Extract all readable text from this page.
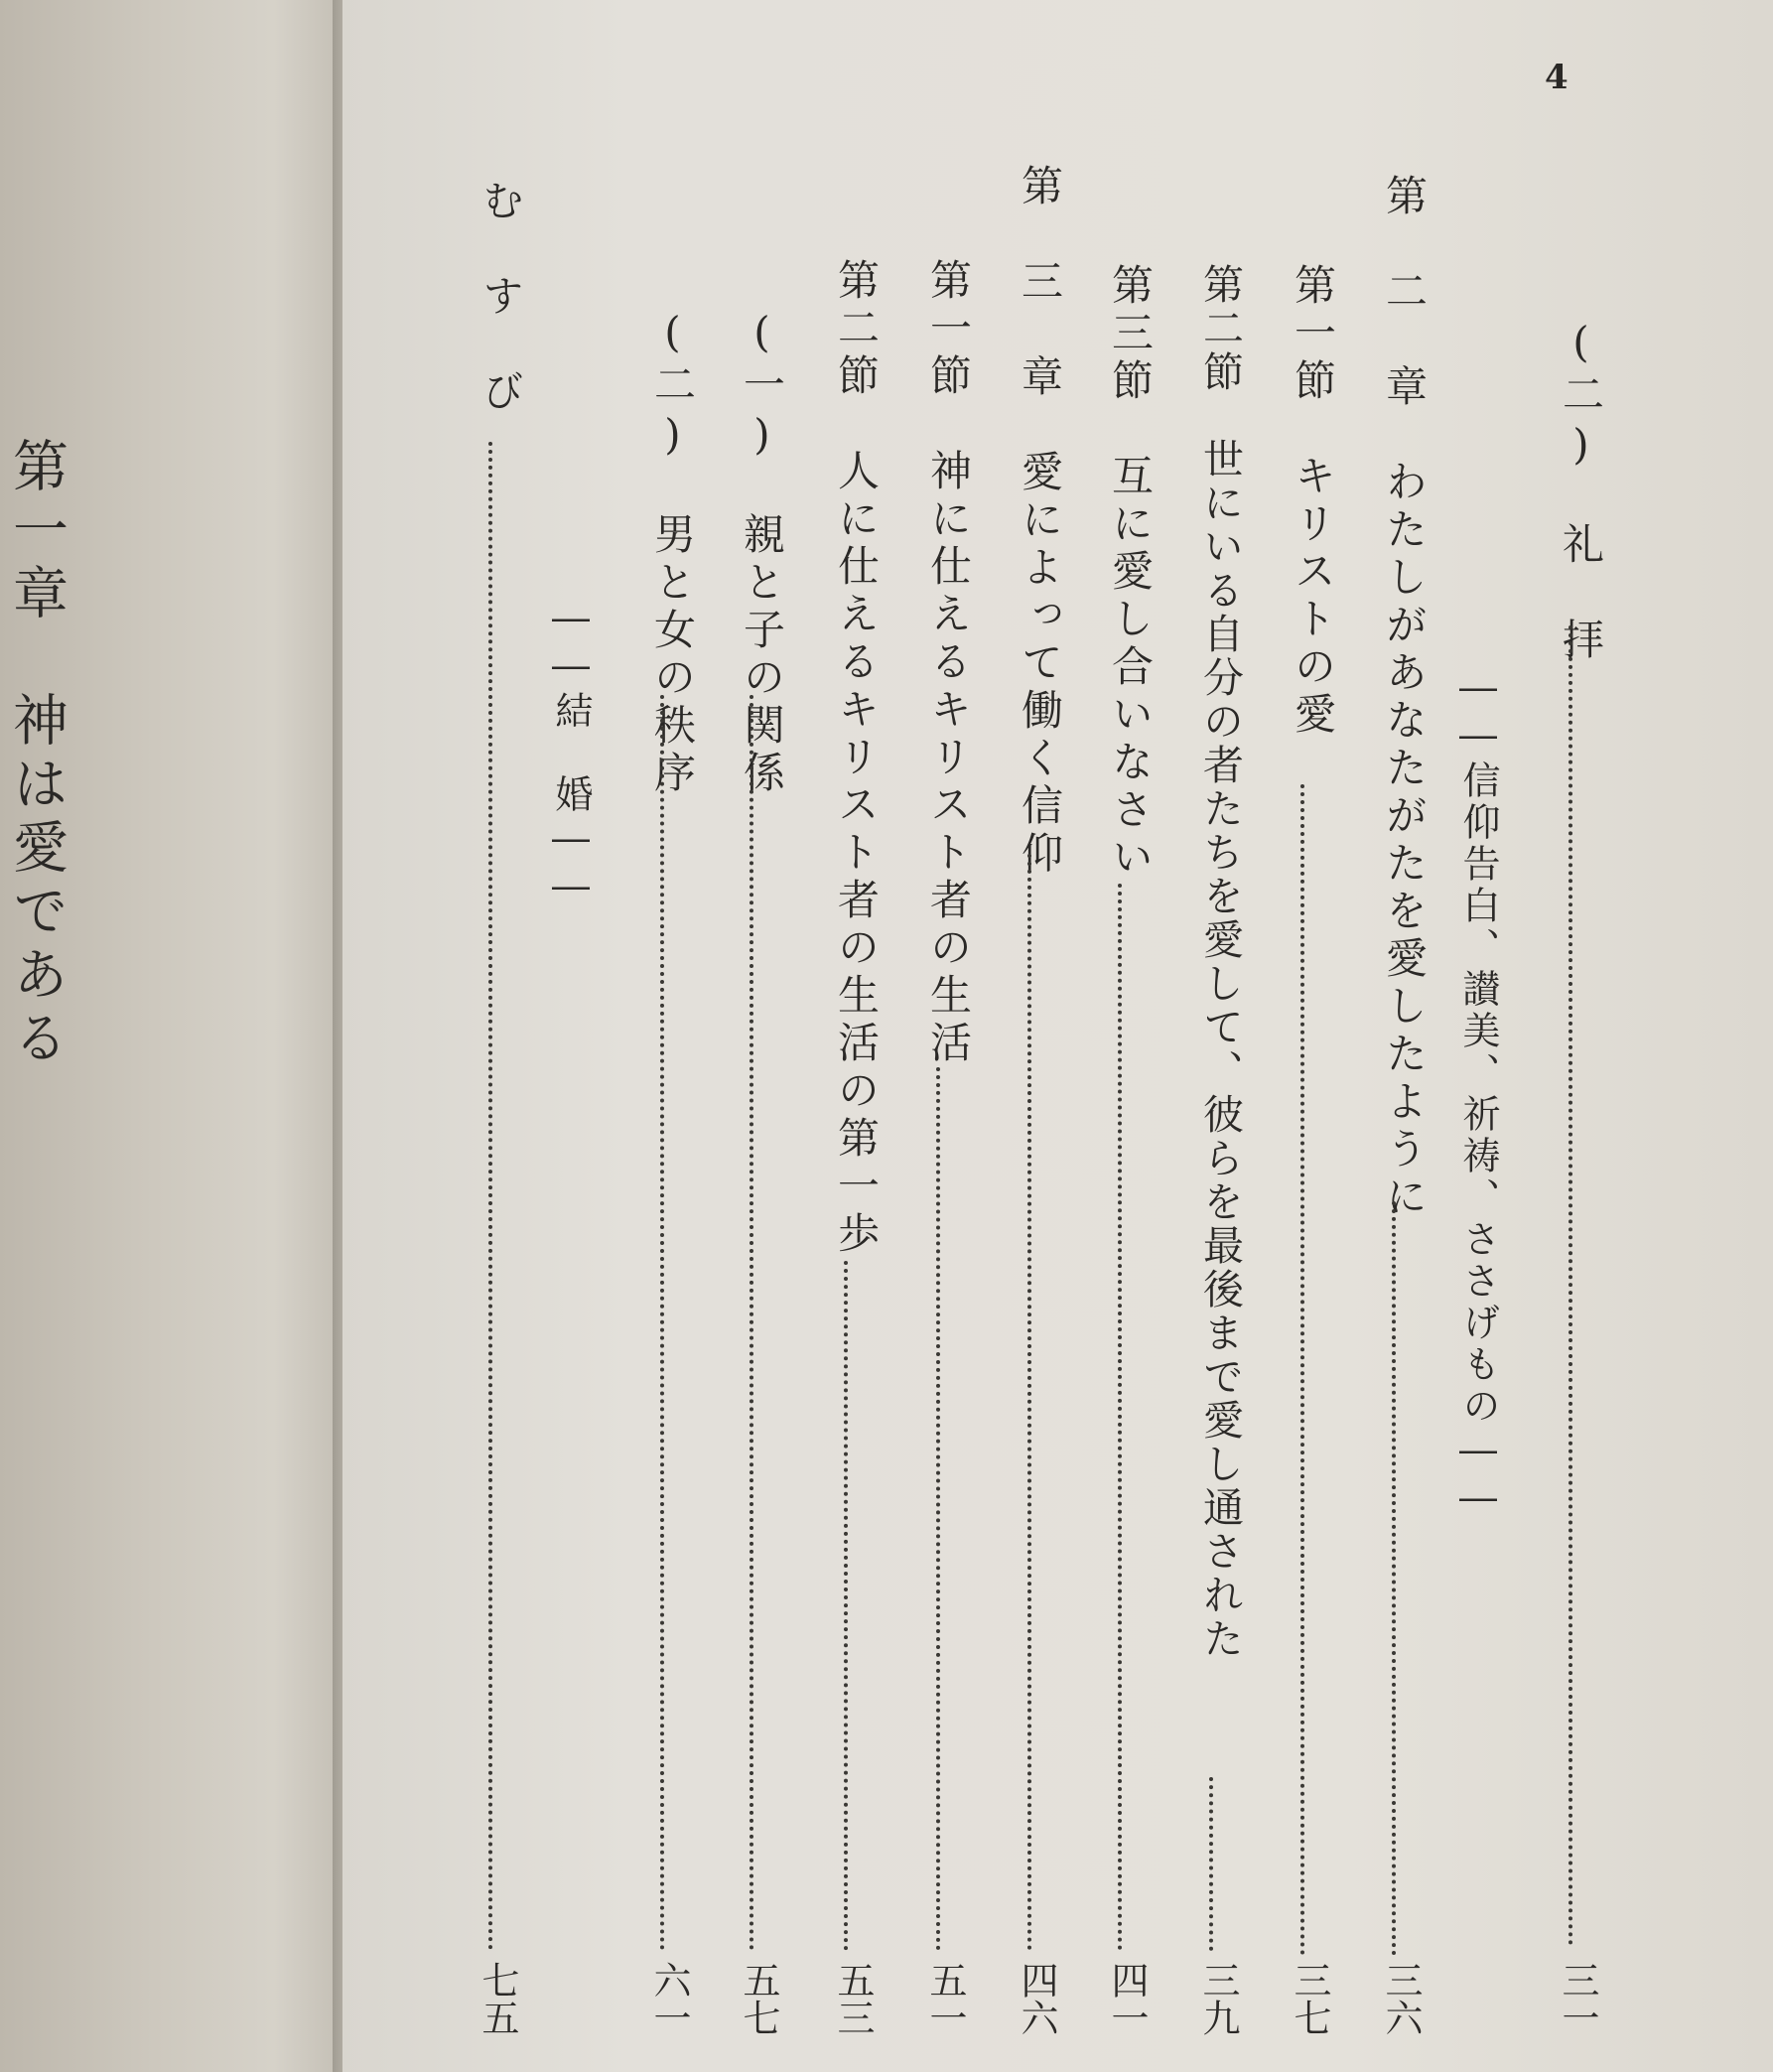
第一章　神は愛である
4
(二)　礼　拝
三一
――信仰告白、讃美、祈祷、ささげもの――
第　二　章　わたしがあなたがたを愛したように
三六
第一節　キリストの愛
三七
第二節　世にいる自分の者たちを愛して、彼らを最後まで愛し通された
三九
第三節　互に愛し合いなさい
四一
第　三　章　愛によって働く信仰
四六
第一節　神に仕えるキリスト者の生活
五一
第二節　人に仕えるキリスト者の生活の第一歩
五三
(一)　親と子の関係
五七
(二)　男と女の秩序
六一
――結　婚――
む　す　び
七五
